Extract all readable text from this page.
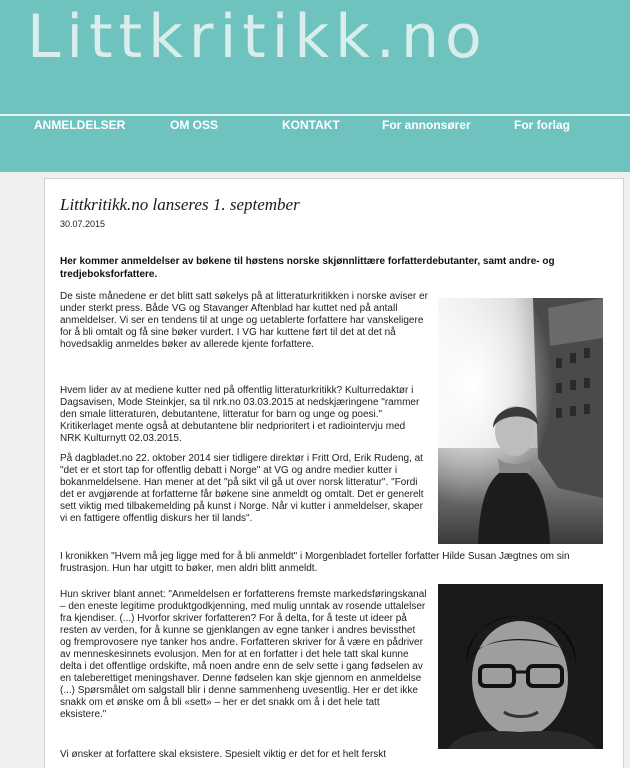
Littkritikk.no
ANMELDELSER	OM OSS	KONTAKT	For annonsører	For forlag
Littkritikk.no lanseres 1. september
30.07.2015
Her kommer anmeldelser av bøkene til høstens norske skjønnlittære forfatterdebutanter, samt andre- og tredjeboksforfattere.
De siste månedene er det blitt satt søkelys på at litteraturkritikken i norske aviser er under sterkt press. Både VG og Stavanger Aftenblad har kuttet ned på antall anmeldelser. Vi ser en tendens til at unge og uetablerte forfattere har vanskeligere for å bli omtalt og få sine bøker vurdert. I VG har kuttene ført til det at det nå hovedsaklig anmeldes bøker av allerede kjente forfattere.
Hvem lider av at mediene kutter ned på offentlig litteraturkritikk? Kulturredaktør i Dagsavisen, Mode Steinkjer, sa til nrk.no 03.03.2015 at nedskjæringene "rammer den smale litteraturen, debutantene, litteratur for barn og unge og poesi." Kritikerlaget mente også at debutantene blir nedprioritert i et radiointervju med NRK Kulturnytt 02.03.2015.
På dagbladet.no 22. oktober 2014 sier tidligere direktør i Fritt Ord, Erik Rudeng, at "det er et stort tap for offentlig debatt i Norge" at VG og andre medier kutter i bokanmeldelsene. Han mener at det "på sikt vil gå ut over norsk litteratur". "Fordi det er avgjørende at forfatterne får bøkene sine anmeldt og omtalt. Det er generelt sett viktig med tilbakemelding på kunst i Norge. Når vi kutter i anmeldelser, skaper vi en fattigere offentlig diskurs her til lands".
I kronikken "Hvem må jeg ligge med for å bli anmeldt" i Morgenbladet forteller forfatter Hilde Susan Jægtnes om sin frustrasjon. Hun har utgitt to bøker, men aldri blitt anmeldt.
Hun skriver blant annet: "Anmeldelsen er forfatterens fremste markedsføringskanal – den eneste legitime produktgodkjenning, med mulig unntak av rosende uttalelser fra kjendiser. (...) Hvorfor skriver forfatteren? For å delta, for å teste ut ideer på resten av verden, for å kunne se gjenklangen av egne tanker i andres bevissthet og fremprovosere nye tanker hos andre. Forfatteren skriver for å være en pådriver av menneskesinnets evolusjon. Men for at en forfatter i det hele tatt skal kunne delta i det offentlige ordskifte, må noen andre enn de selv sette i gang fødselen av en taleberettiget meningshaver. Denne fødselen kan skje gjennom en anmeldelse (...) Spørsmålet om salgstall blir i denne sammenheng uvesentlig. Her er det ikke snakk om et ønske om å bli «sett» – her er det snakk om å i det hele tatt eksistere."
Vi ønsker at forfattere skal eksistere. Spesielt viktig er det for et helt ferskt
